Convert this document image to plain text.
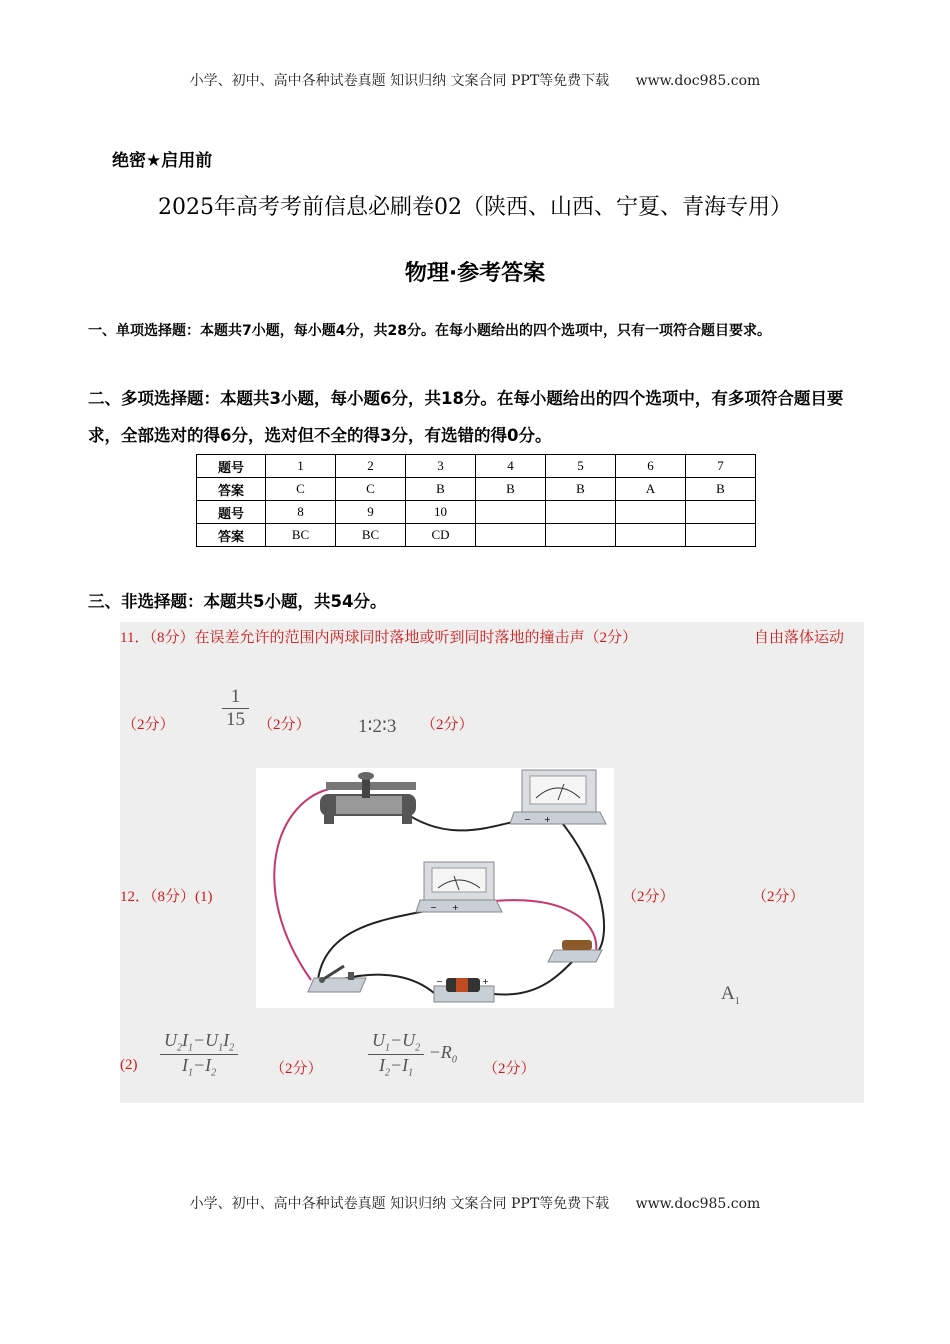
小学、初中、高中各种试卷真题 知识归纳 文案合同 PPT等免费下载 www.doc985.com
绝密★启用前
2025年高考考前信息必刷卷02（陕西、山西、宁夏、青海专用）
物理·参考答案
一、单项选择题：本题共7小题，每小题4分，共28分。在每小题给出的四个选项中，只有一项符合题目要求。
二、多项选择题：本题共3小题，每小题6分，共18分。在每小题给出的四个选项中，有多项符合题目要求，全部选对的得6分，选对但不全的得3分，有选错的得0分。
题号	1	2	3	4	5	6	7
答案	C	C	B	B	B	A	B
题号	8	9	10				
答案	BC	BC	CD				
三、非选择题：本题共5小题，共54分。
11．（8分）在误差允许的范围内两球同时落地或听到同时落地的撞击声（2分）	自由落体运动
（2分） $\frac{1}{15} (2$分） 1∶2∶3 （2分）
12．（8分）(1)
− +
− +
−	+
（2分）	（2分）
$A_1$
$(2) \frac{U_2I_1-U_1I_2}{I_1-I_2} (2$分）	$\frac{U_1-U_2}{I_2-I_1} -R_0$
（2分）
小学、初中、高中各种试卷真题 知识归纳 文案合同 PPT等免费下载 www.doc985.com
